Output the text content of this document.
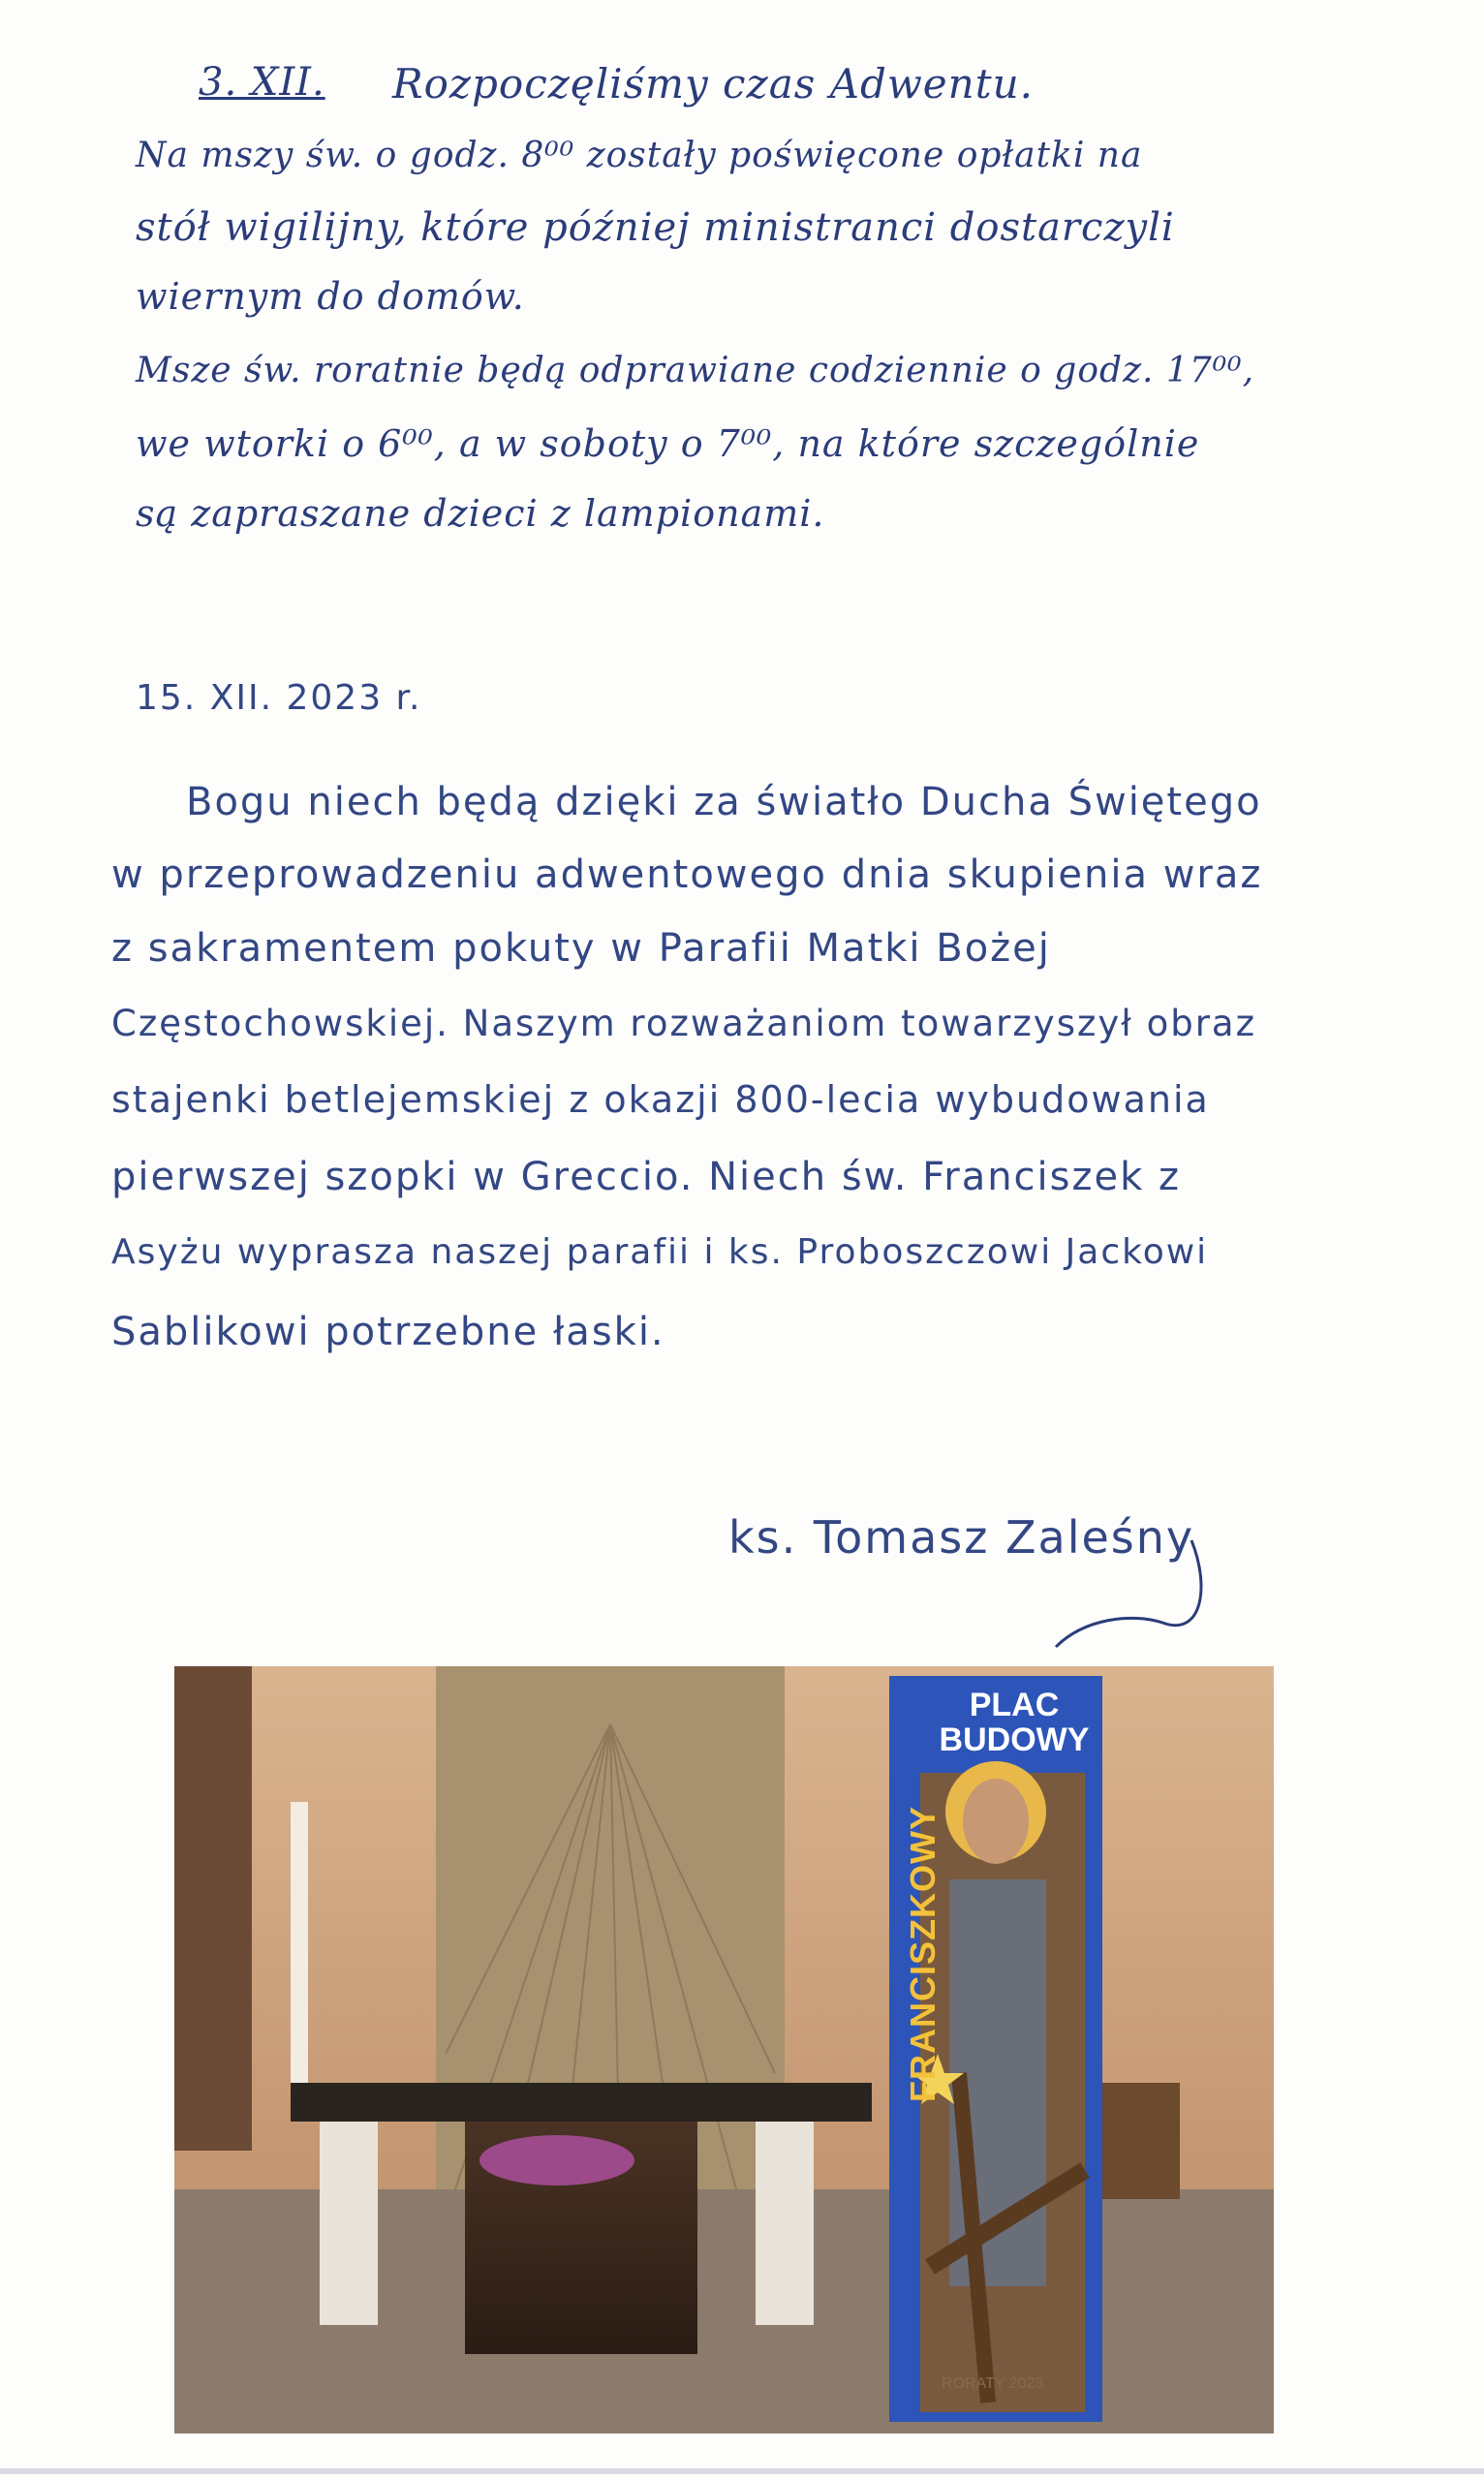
3. XII. Rozpoczęliśmy czas Adwentu.
Na mszy św. o godz. 8⁰⁰ zostały poświęcone opłatki na
stół wigilijny, które później ministranci dostarczyli
wiernym do domów.
Msze św. roratnie będą odprawiane codziennie o godz. 17⁰⁰,
we wtorki o 6⁰⁰, a w soboty o 7⁰⁰, na które szczególnie
są zapraszane dzieci z lampionami.
15. XII. 2023 r.
Bogu niech będą dzięki za światło Ducha Świętego
w przeprowadzeniu adwentowego dnia skupienia wraz
z sakramentem pokuty w Parafii Matki Bożej
Częstochowskiej. Naszym rozważaniom towarzyszył obraz
stajenki betlejemskiej z okazji 800-lecia wybudowania
pierwszej szopki w Greccio. Niech św. Franciszek z
Asyżu wypraszа naszej parafii i ks. Proboszczowi Jackowi
Sablikowi potrzebne łaski.
ks. Tomasz Zaleśny
PLAC BUDOWY
FRANCISZKOWY
RORATY 2023
